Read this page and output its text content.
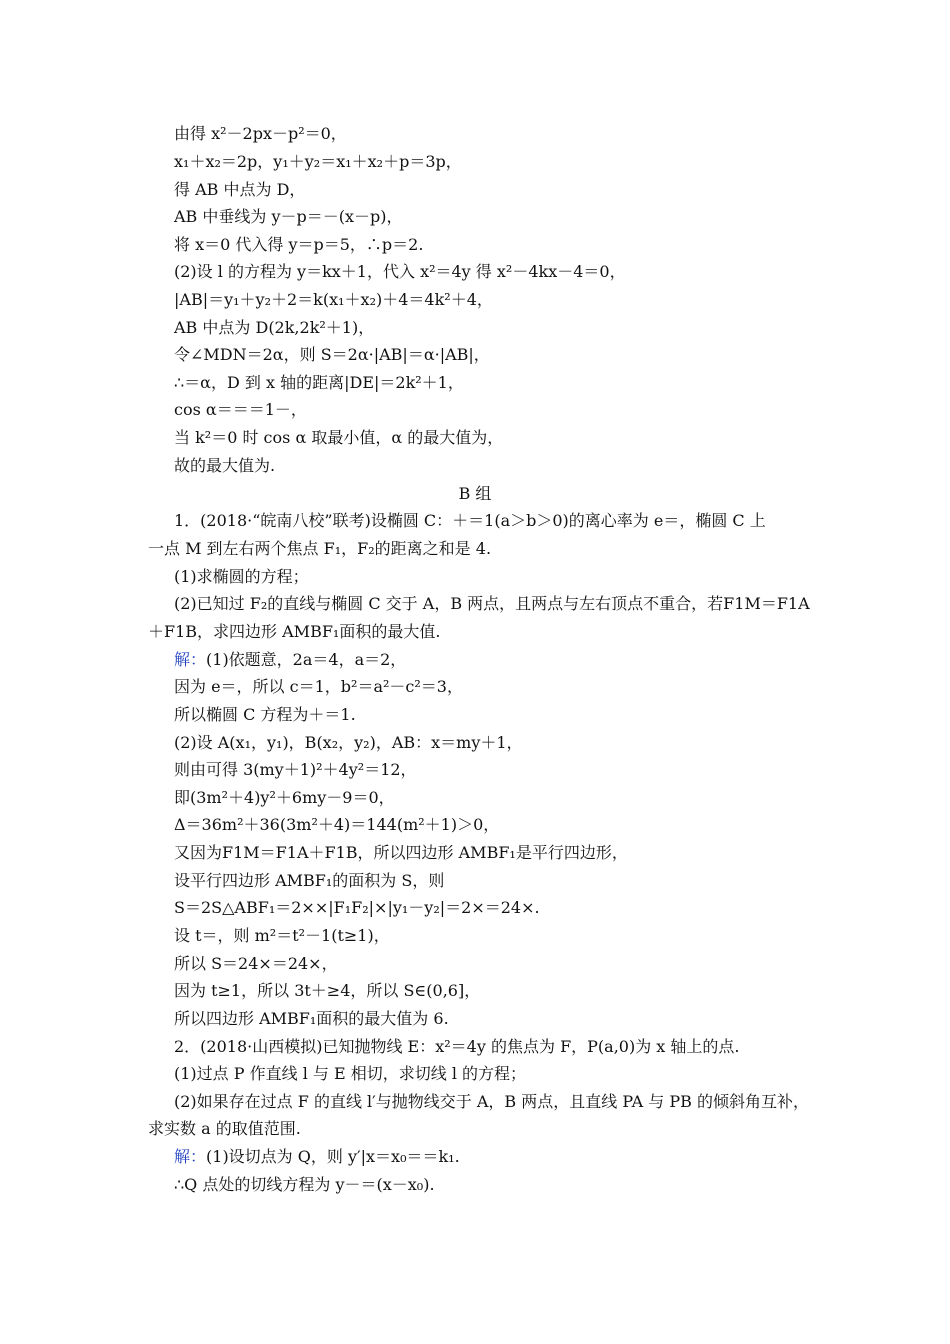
由得 x²－2px－p²＝0，
x₁＋x₂＝2p，y₁＋y₂＝x₁＋x₂＋p＝3p，
得 AB 中点为 D，
AB 中垂线为 y－p＝－(x－p)，
将 x＝0 代入得 y＝p＝5，∴p＝2.
(2)设 l 的方程为 y＝kx＋1，代入 x²＝4y 得 x²－4kx－4＝0，
|AB|＝y₁＋y₂＋2＝k(x₁＋x₂)＋4＝4k²＋4，
AB 中点为 D(2k,2k²＋1)，
令∠MDN＝2α，则 S＝2α·|AB|＝α·|AB|，
∴＝α，D 到 x 轴的距离|DE|＝2k²＋1，
cos α＝＝＝1－，
当 k²＝0 时 cos α 取最小值，α 的最大值为，
故的最大值为.
B 组
1．(2018·“皖南八校”联考)设椭圆 C：＋＝1(a＞b＞0)的离心率为 e＝，椭圆 C 上
一点 M 到左右两个焦点 F₁，F₂的距离之和是 4.
(1)求椭圆的方程；
(2)已知过 F₂的直线与椭圆 C 交于 A，B 两点，且两点与左右顶点不重合，若F1M＝F1A
＋F1B，求四边形 AMBF₁面积的最大值.
解：(1)依题意，2a＝4，a＝2，
因为 e＝，所以 c＝1，b²＝a²－c²＝3，
所以椭圆 C 方程为＋＝1.
(2)设 A(x₁，y₁)，B(x₂，y₂)，AB：x＝my＋1，
则由可得 3(my＋1)²＋4y²＝12，
即(3m²＋4)y²＋6my－9＝0，
Δ＝36m²＋36(3m²＋4)＝144(m²＋1)＞0，
又因为F1M＝F1A＋F1B，所以四边形 AMBF₁是平行四边形，
设平行四边形 AMBF₁的面积为 S，则
S＝2S△ABF₁＝2××|F₁F₂|×|y₁－y₂|＝2×＝24×.
设 t＝，则 m²＝t²－1(t≥1)，
所以 S＝24×＝24×，
因为 t≥1，所以 3t＋≥4，所以 S∈(0,6]，
所以四边形 AMBF₁面积的最大值为 6.
2．(2018·山西模拟)已知抛物线 E：x²＝4y 的焦点为 F，P(a,0)为 x 轴上的点.
(1)过点 P 作直线 l 与 E 相切，求切线 l 的方程；
(2)如果存在过点 F 的直线 l′与抛物线交于 A，B 两点，且直线 PA 与 PB 的倾斜角互补，
求实数 a 的取值范围.
解：(1)设切点为 Q，则 y′|x＝x₀＝＝k₁.
∴Q 点处的切线方程为 y－＝(x－x₀).
